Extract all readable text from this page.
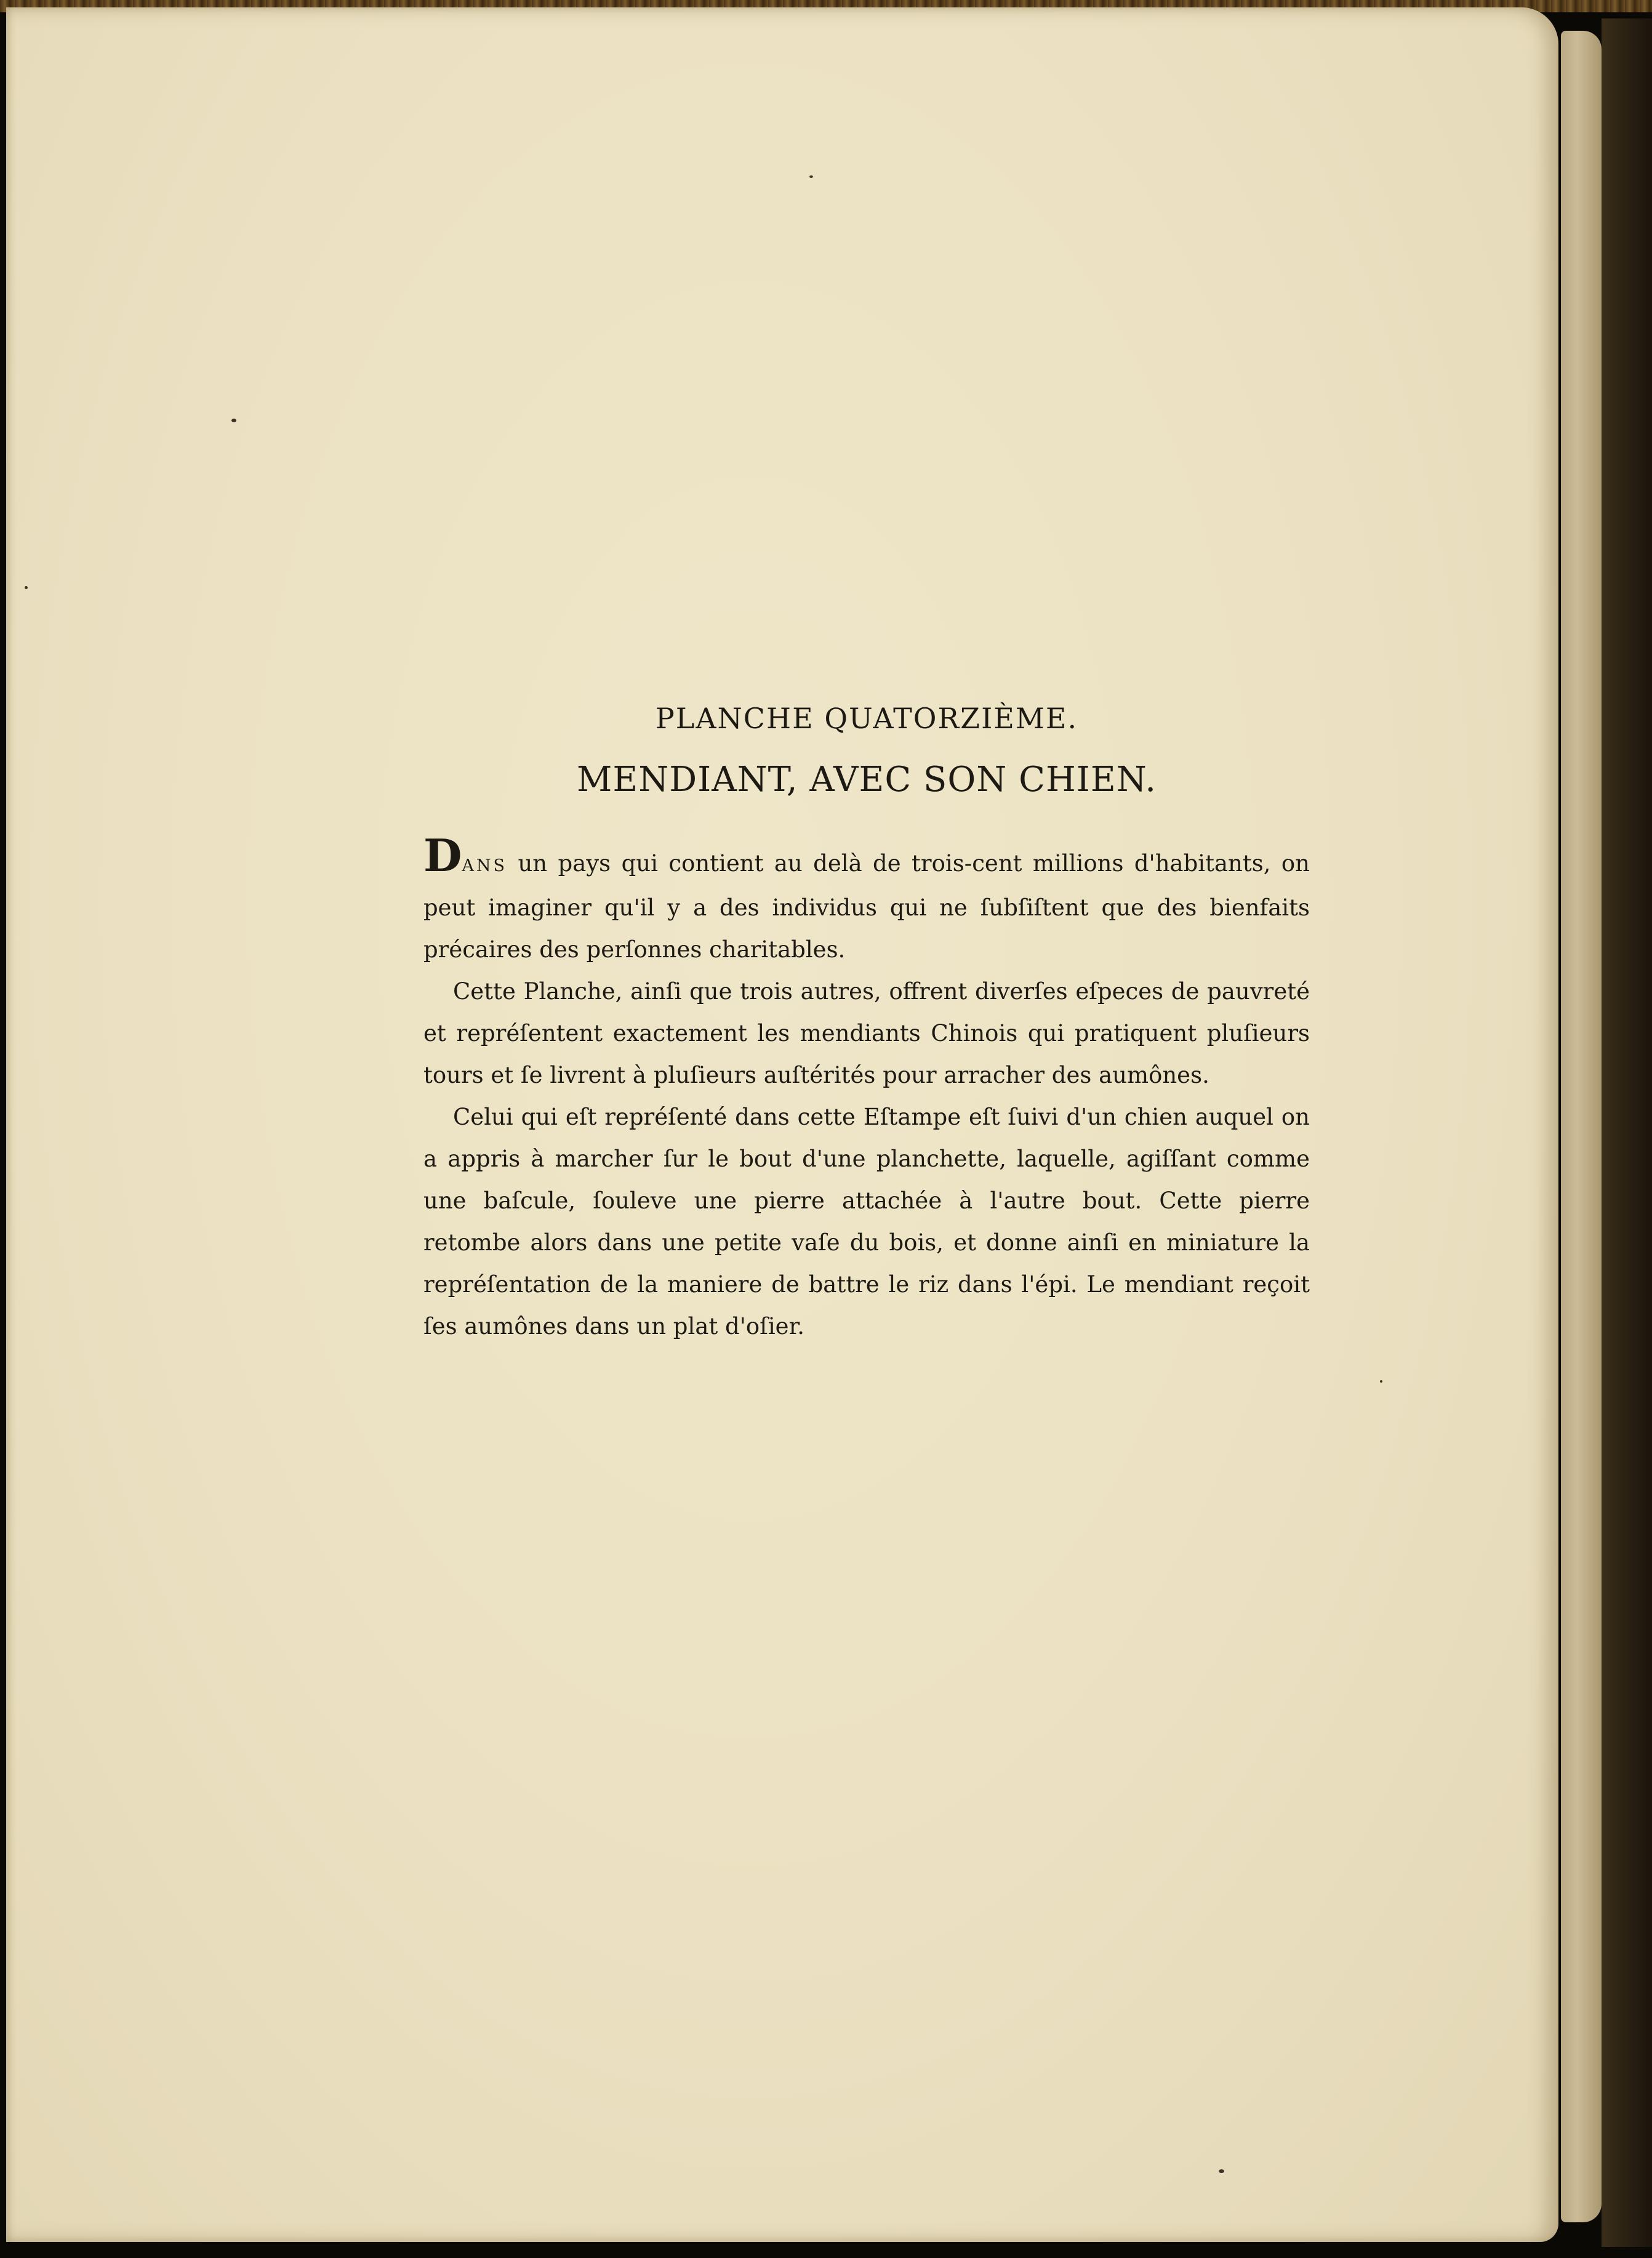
PLANCHE QUATORZIÈME.
MENDIANT, AVEC SON CHIEN.

DANS un pays qui contient au delà de trois-cent millions d'habitants, on peut imaginer qu'il y a des individus qui ne ſubſiſtent que des bienfaits précaires des perſonnes charitables.

Cette Planche, ainſi que trois autres, offrent diverſes eſpeces de pauvreté et repréſentent exactement les mendiants Chinois qui pratiquent pluſieurs tours et ſe livrent à pluſieurs auſtérités pour arracher des aumônes.

Celui qui eſt repréſenté dans cette Eſtampe eſt ſuivi d'un chien auquel on a appris à marcher ſur le bout d'une planchette, laquelle, agiſſant comme une baſcule, ſouleve une pierre attachée à l'autre bout. Cette pierre retombe alors dans une petite vaſe du bois, et donne ainſi en miniature la repréſentation de la maniere de battre le riz dans l'épi. Le mendiant reçoit ſes aumônes dans un plat d'oſier.
